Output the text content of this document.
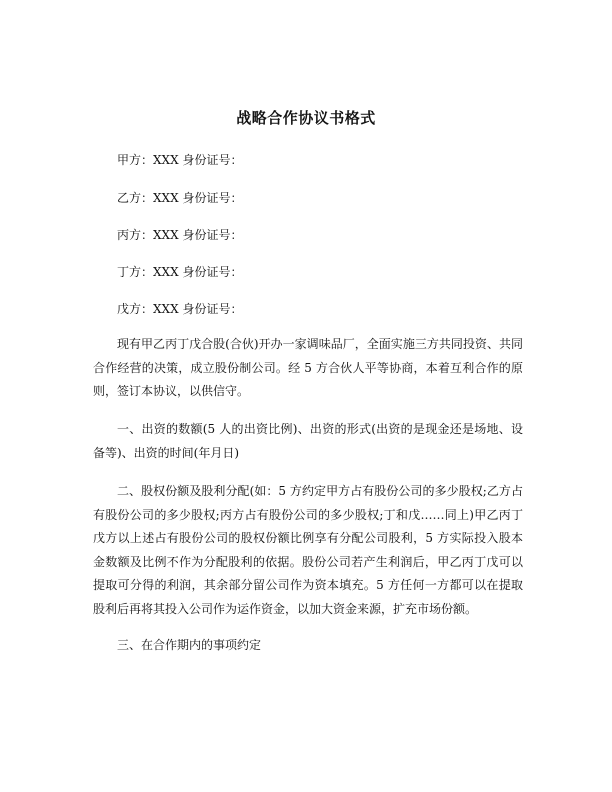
战略合作协议书格式
甲方：XXX 身份证号：
乙方：XXX 身份证号：
丙方：XXX 身份证号：
丁方：XXX 身份证号：
戊方：XXX 身份证号：
现有甲乙丙丁戊合股(合伙)开办一家调味品厂，全面实施三方共同投资、共同合作经营的决策，成立股份制公司。经 5 方合伙人平等协商，本着互利合作的原则，签订本协议，以供信守。
一、出资的数额(5 人的出资比例)、出资的形式(出资的是现金还是场地、设备等)、出资的时间(年月日)
二、股权份额及股利分配(如：5 方约定甲方占有股份公司的多少股权;乙方占有股份公司的多少股权;丙方占有股份公司的多少股权;丁和戊……同上)甲乙丙丁戊方以上述占有股份公司的股权份额比例享有分配公司股利，5 方实际投入股本金数额及比例不作为分配股利的依据。股份公司若产生利润后，甲乙丙丁戊可以提取可分得的利润，其余部分留公司作为资本填充。5 方任何一方都可以在提取股利后再将其投入公司作为运作资金，以加大资金来源，扩充市场份额。
三、在合作期内的事项约定
